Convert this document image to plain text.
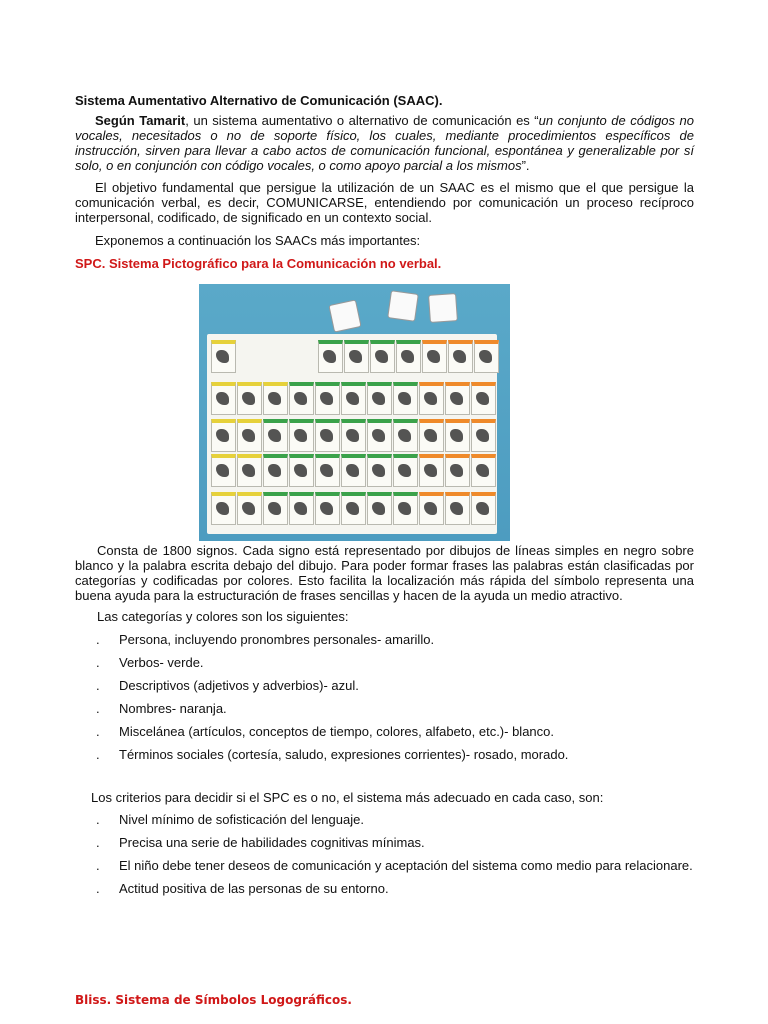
Sistema Aumentativo Alternativo de Comunicación (SAAC).
Según Tamarit, un sistema aumentativo o alternativo de comunicación es “un conjunto de códigos no vocales, necesitados o no de soporte físico, los cuales, mediante procedimientos específicos de instrucción, sirven para llevar a cabo actos de comunicación funcional, espontánea y generalizable por sí solo, o en conjunción con código vocales, o como apoyo parcial a los mismos”.
El objetivo fundamental que persigue la utilización de un SAAC es el mismo que el que persigue la comunicación verbal, es decir, COMUNICARSE, entendiendo por comunicación un proceso recíproco interpersonal, codificado, de significado en un contexto social.
Exponemos a continuación los SAACs más importantes:
SPC. Sistema Pictográfico para la Comunicación no verbal.
Consta de 1800 signos. Cada signo está representado por dibujos de líneas simples en negro sobre blanco y la palabra escrita debajo del dibujo. Para poder formar frases las palabras están clasificadas por categorías y codificadas por colores. Esto facilita la localización más rápida del símbolo representa una buena ayuda para la estructuración de frases sencillas y hacen de la ayuda un medio atractivo.
Las categorías y colores son los siguientes:
. Persona, incluyendo pronombres personales- amarillo.
. Verbos- verde.
. Descriptivos (adjetivos y adverbios)- azul.
. Nombres- naranja.
. Miscelánea (artículos, conceptos de tiempo, colores, alfabeto, etc.)- blanco.
. Términos sociales (cortesía, saludo, expresiones corrientes)- rosado, morado.
Los criterios para decidir si el SPC es o no, el sistema más adecuado en cada caso, son:
. Nivel mínimo de sofisticación del lenguaje.
. Precisa una serie de habilidades cognitivas mínimas.
. El niño debe tener deseos de comunicación y aceptación del sistema como medio para relacionare.
. Actitud positiva de las personas de su entorno.
Bliss. Sistema de Símbolos Logográficos.
